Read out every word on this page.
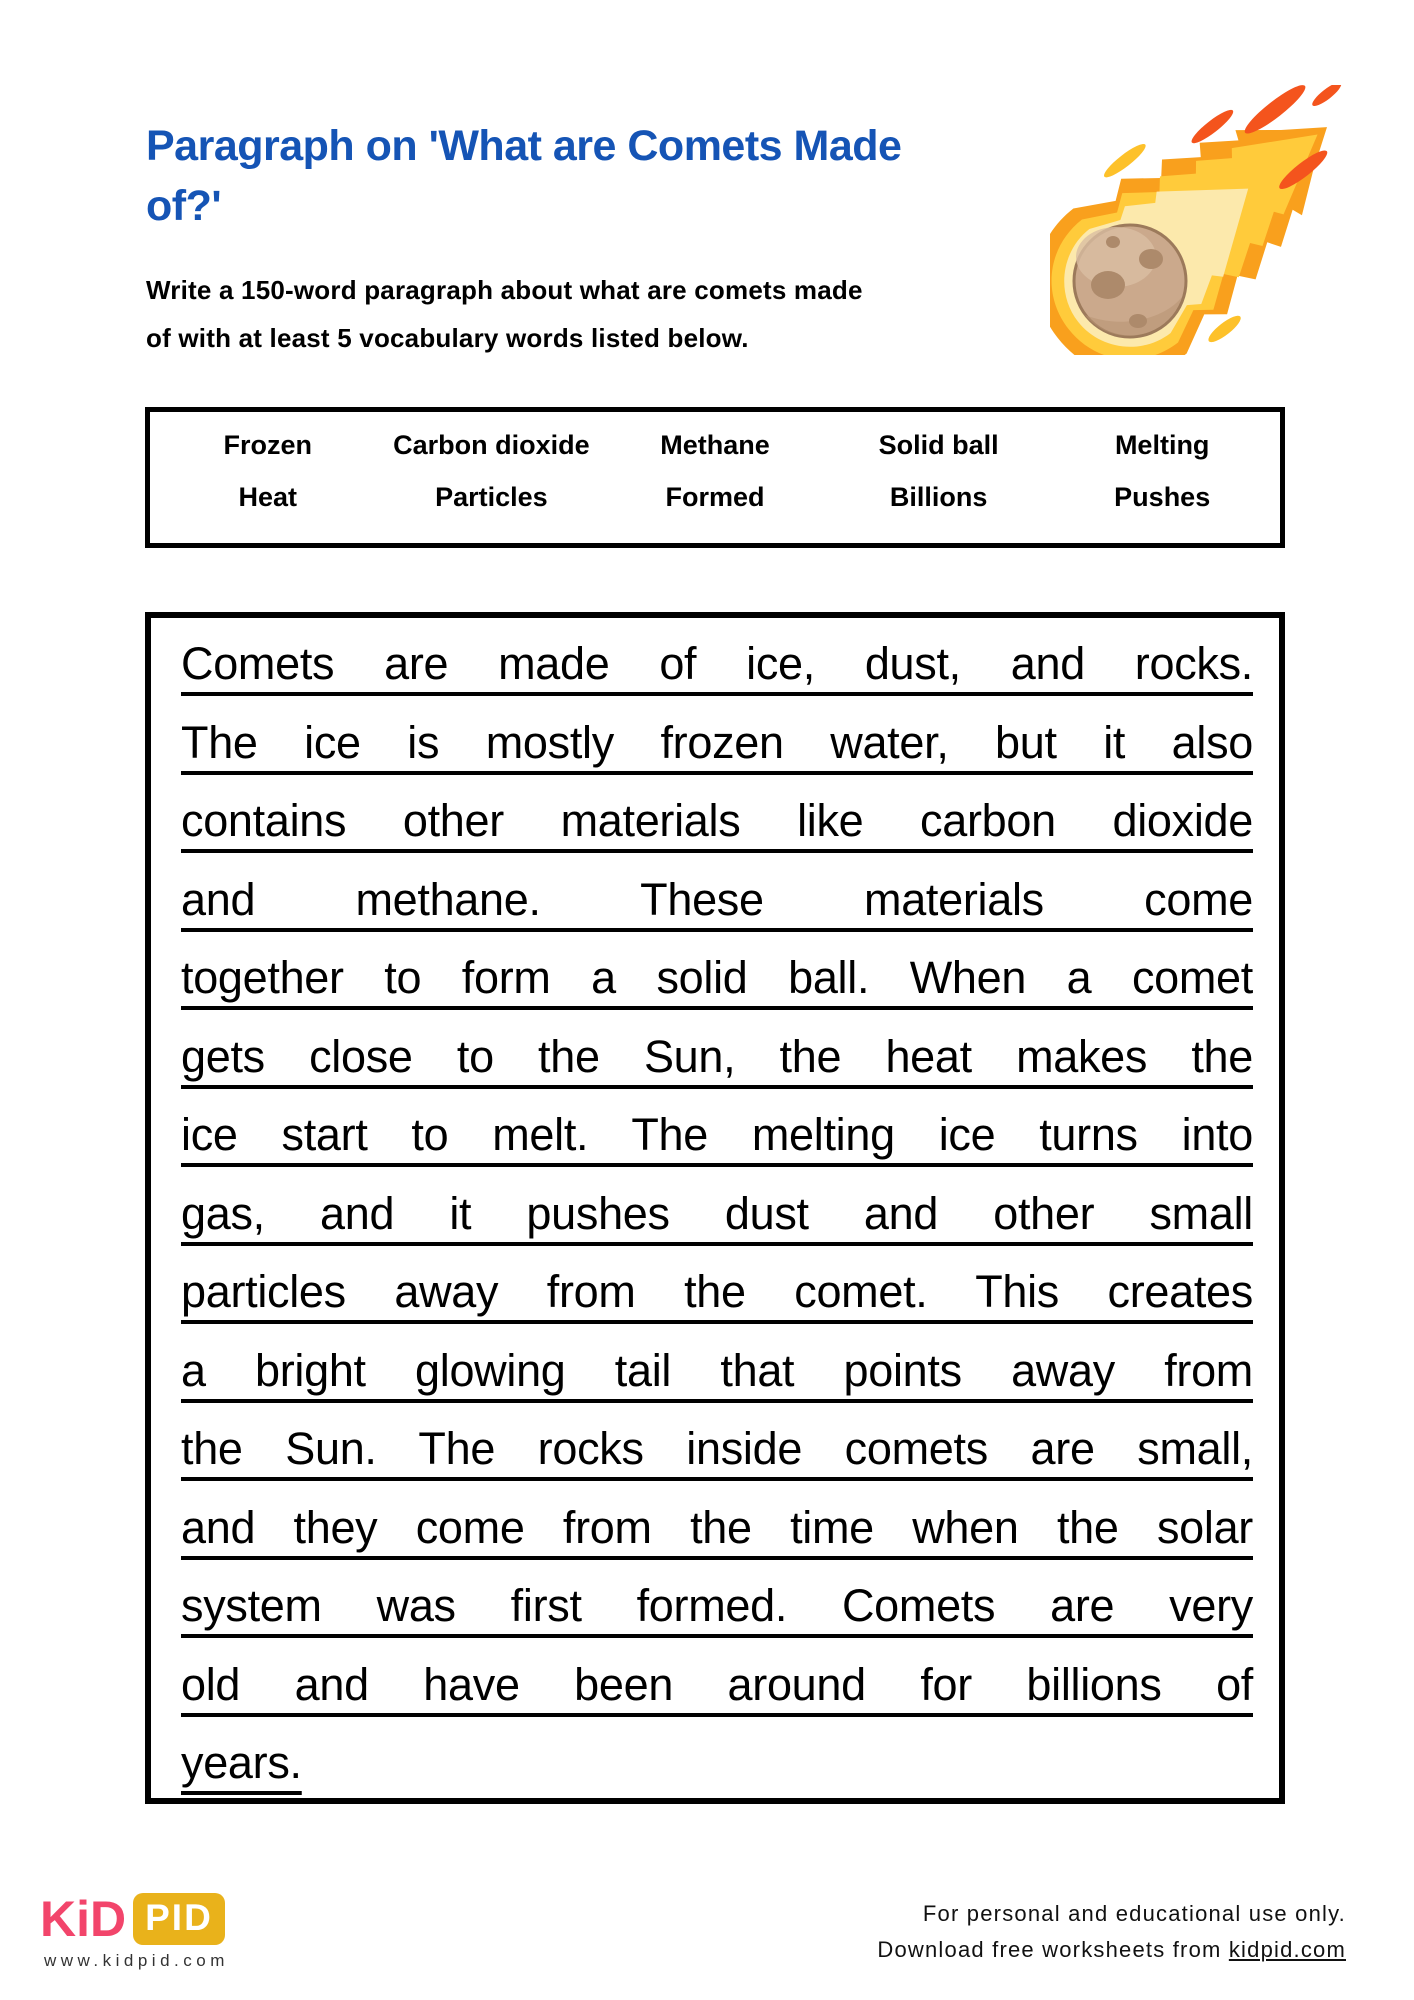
Paragraph on 'What are Comets Made
of?'
Write a 150-word paragraph about what are comets made
of with at least 5 vocabulary words listed below.
Frozen	Carbon dioxide	Methane	Solid ball	Melting
Heat	Particles	Formed	Billions	Pushes
Comets are made of ice, dust, and rocks.
The ice is mostly frozen water, but it also
contains other materials like carbon dioxide
and methane. These materials come
together to form a solid ball. When a comet
gets close to the Sun, the heat makes the
ice start to melt. The melting ice turns into
gas, and it pushes dust and other small
particles away from the comet. This creates
a bright glowing tail that points away from
the Sun. The rocks inside comets are small,
and they come from the time when the solar
system was first formed. Comets are very
old and have been around for billions of
years.
KiD PID
www.kidpid.com
For personal and educational use only.
Download free worksheets from kidpid.com
